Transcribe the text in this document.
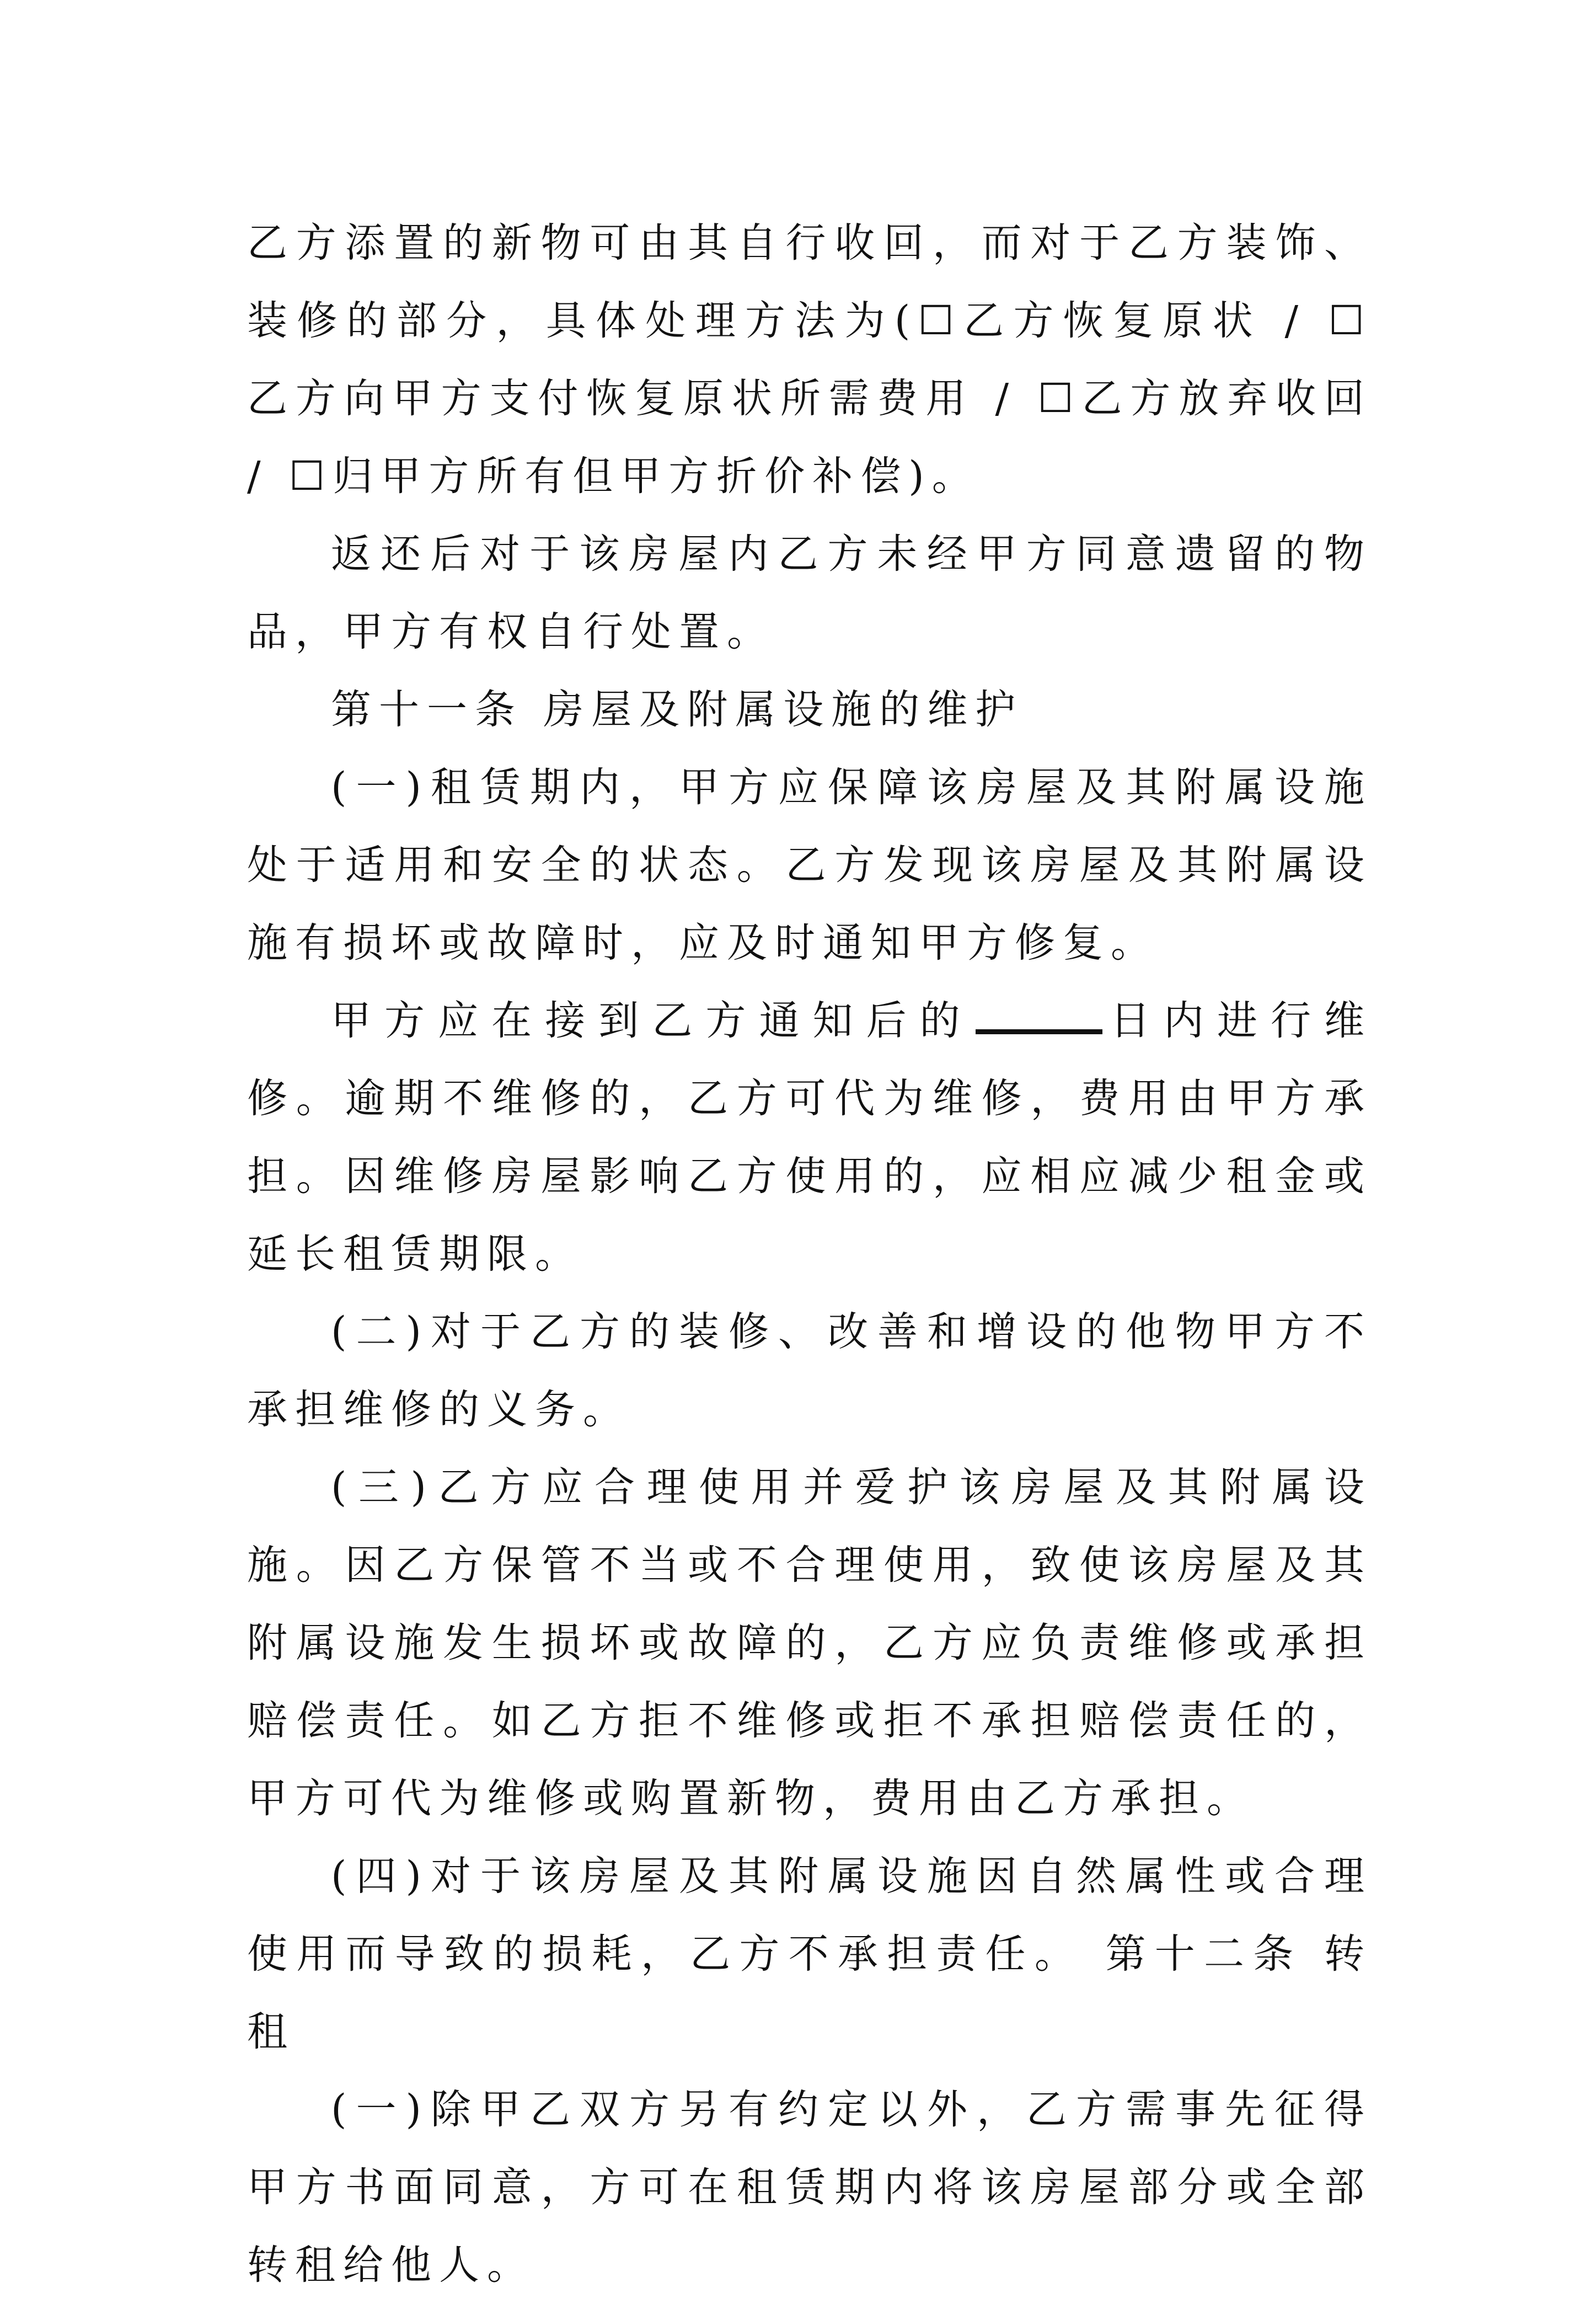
乙方添置的新物可由其自行收回，而对于乙方装饰、装修的部分，具体处理方法为(☐乙方恢复原状 / ☐ 乙方向甲方支付恢复原状所需费用 / ☐乙方放弃收回 / ☐归甲方所有但甲方折价补偿)。

返还后对于该房屋内乙方未经甲方同意遗留的物品，甲方有权自行处置。

第十一条 房屋及附属设施的维护

(一)租赁期内，甲方应保障该房屋及其附属设施处于适用和安全的状态。乙方发现该房屋及其附属设施有损坏或故障时，应及时通知甲方修复。

甲方应在接到乙方通知后的	日内进行维修。逾期不维修的，乙方可代为维修，费用由甲方承担。因维修房屋影响乙方使用的，应相应减少租金或延长租赁期限。

(二)对于乙方的装修、改善和增设的他物甲方不承担维修的义务。

(三)乙方应合理使用并爱护该房屋及其附属设施。因乙方保管不当或不合理使用，致使该房屋及其附属设施发生损坏或故障的，乙方应负责维修或承担赔偿责任。如乙方拒不维修或拒不承担赔偿责任的，甲方可代为维修或购置新物，费用由乙方承担。

(四)对于该房屋及其附属设施因自然属性或合理使用而导致的损耗，乙方不承担责任。 第十二条 转租

(一)除甲乙双方另有约定以外，乙方需事先征得甲方书面同意，方可在租赁期内将该房屋部分或全部转租给他人。
